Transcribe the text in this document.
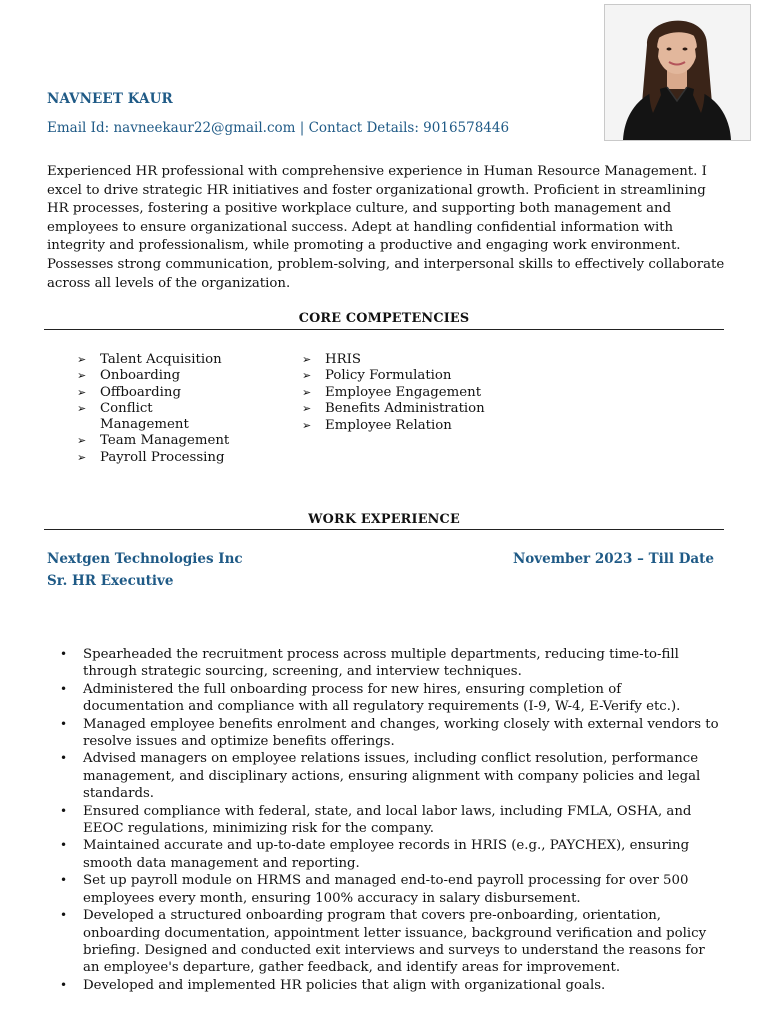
NAVNEET KAUR
Email Id: navneekaur22@gmail.com | Contact Details: 9016578446
Experienced HR professional with comprehensive experience in Human Resource Management. I excel to drive strategic HR initiatives and foster organizational growth. Proficient in streamlining HR processes, fostering a positive workplace culture, and supporting both management and employees to ensure organizational success. Adept at handling confidential information with integrity and professionalism, while promoting a productive and engaging work environment. Possesses strong communication, problem-solving, and interpersonal skills to effectively collaborate across all levels of the organization.
CORE COMPETENCIES
➢ Talent Acquisition
➢ Onboarding
➢ Offboarding
➢ Conflict Management
➢ Team Management
➢ Payroll Processing
➢ HRIS
➢ Policy Formulation
➢ Employee Engagement
➢ Benefits Administration
➢ Employee Relation
WORK EXPERIENCE
Nextgen Technologies Inc	November 2023 – Till Date
Sr. HR Executive
• Spearheaded the recruitment process across multiple departments, reducing time-to-fill through strategic sourcing, screening, and interview techniques.
• Administered the full onboarding process for new hires, ensuring completion of documentation and compliance with all regulatory requirements (I-9, W-4, E-Verify etc.).
• Managed employee benefits enrolment and changes, working closely with external vendors to resolve issues and optimize benefits offerings.
• Advised managers on employee relations issues, including conflict resolution, performance management, and disciplinary actions, ensuring alignment with company policies and legal standards.
• Ensured compliance with federal, state, and local labor laws, including FMLA, OSHA, and EEOC regulations, minimizing risk for the company.
• Maintained accurate and up-to-date employee records in HRIS (e.g., PAYCHEX), ensuring smooth data management and reporting.
• Set up payroll module on HRMS and managed end-to-end payroll processing for over 500 employees every month, ensuring 100% accuracy in salary disbursement.
• Developed a structured onboarding program that covers pre-onboarding, orientation, onboarding documentation, appointment letter issuance, background verification and policy briefing. Designed and conducted exit interviews and surveys to understand the reasons for an employee's departure, gather feedback, and identify areas for improvement.
• Developed and implemented HR policies that align with organizational goals.
